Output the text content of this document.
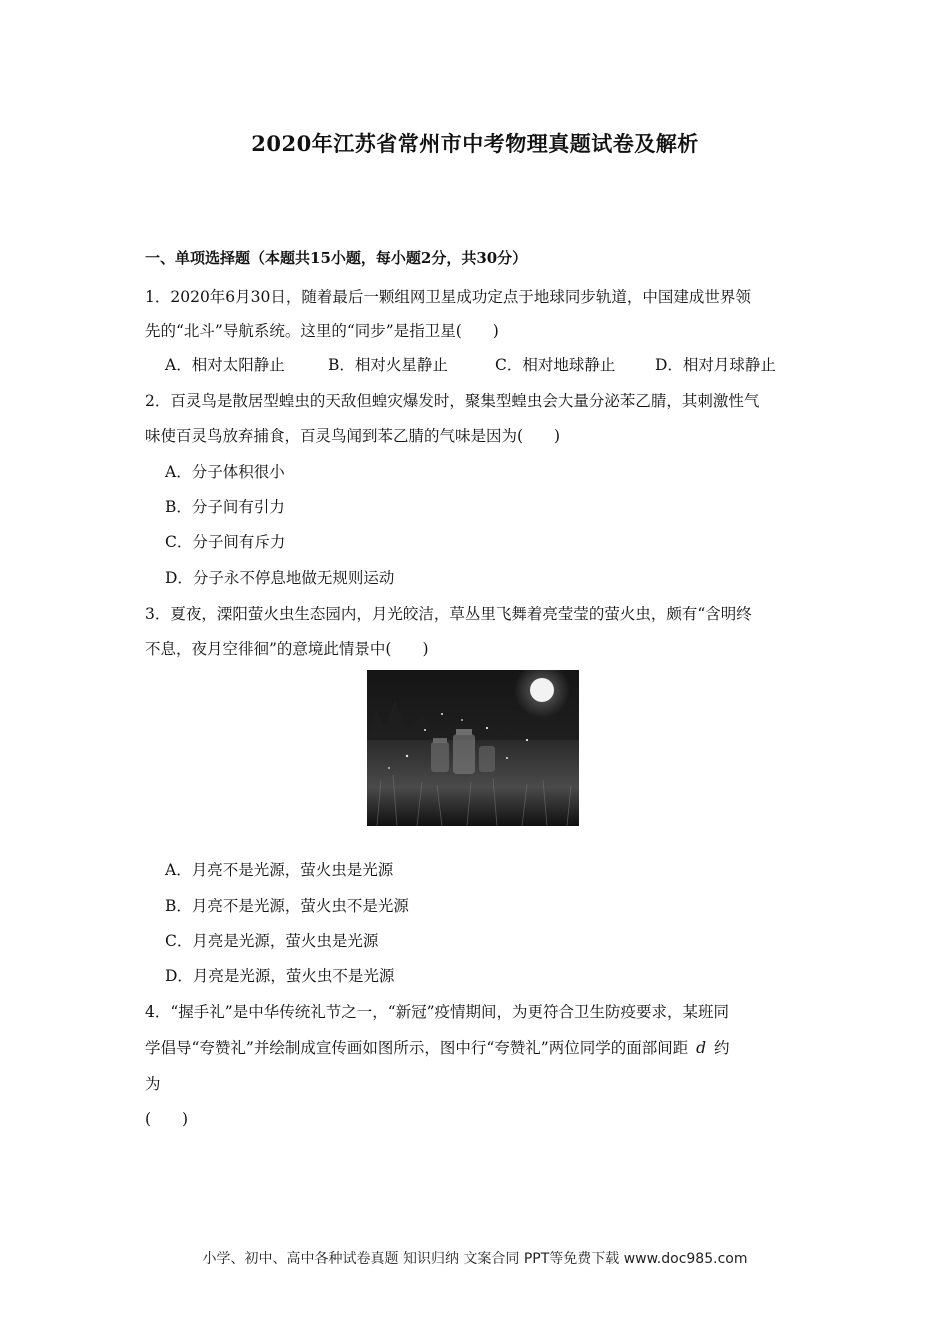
2020年江苏省常州市中考物理真题试卷及解析
一、单项选择题（本题共15小题，每小题2分，共30分）
1．2020年6月30日，随着最后一颗组网卫星成功定点于地球同步轨道，中国建成世界领
先的“北斗”导航系统。这里的“同步”是指卫星(　　)
A．相对太阳静止	B．相对火星静止	C．相对地球静止	D．相对月球静止
2．百灵鸟是散居型蝗虫的天敌但蝗灾爆发时，聚集型蝗虫会大量分泌苯乙腈，其刺激性气
味使百灵鸟放弃捕食，百灵鸟闻到苯乙腈的气味是因为(　　)
A．分子体积很小
B．分子间有引力
C．分子间有斥力
D．分子永不停息地做无规则运动
3．夏夜，溧阳萤火虫生态园内，月光皎洁，草丛里飞舞着亮莹莹的萤火虫，颇有“含明终
不息，夜月空徘徊”的意境此情景中(　　)
A．月亮不是光源，萤火虫是光源
B．月亮不是光源，萤火虫不是光源
C．月亮是光源，萤火虫是光源
D．月亮是光源，萤火虫不是光源
4．“握手礼”是中华传统礼节之一，“新冠”疫情期间，为更符合卫生防疫要求，某班同
学倡导“夸赞礼”并绘制成宣传画如图所示，图中行“夸赞礼”两位同学的面部间距 d 约
为
(　　)
小学、初中、高中各种试卷真题 知识归纳 文案合同 PPT等免费下载 www.doc985.com
